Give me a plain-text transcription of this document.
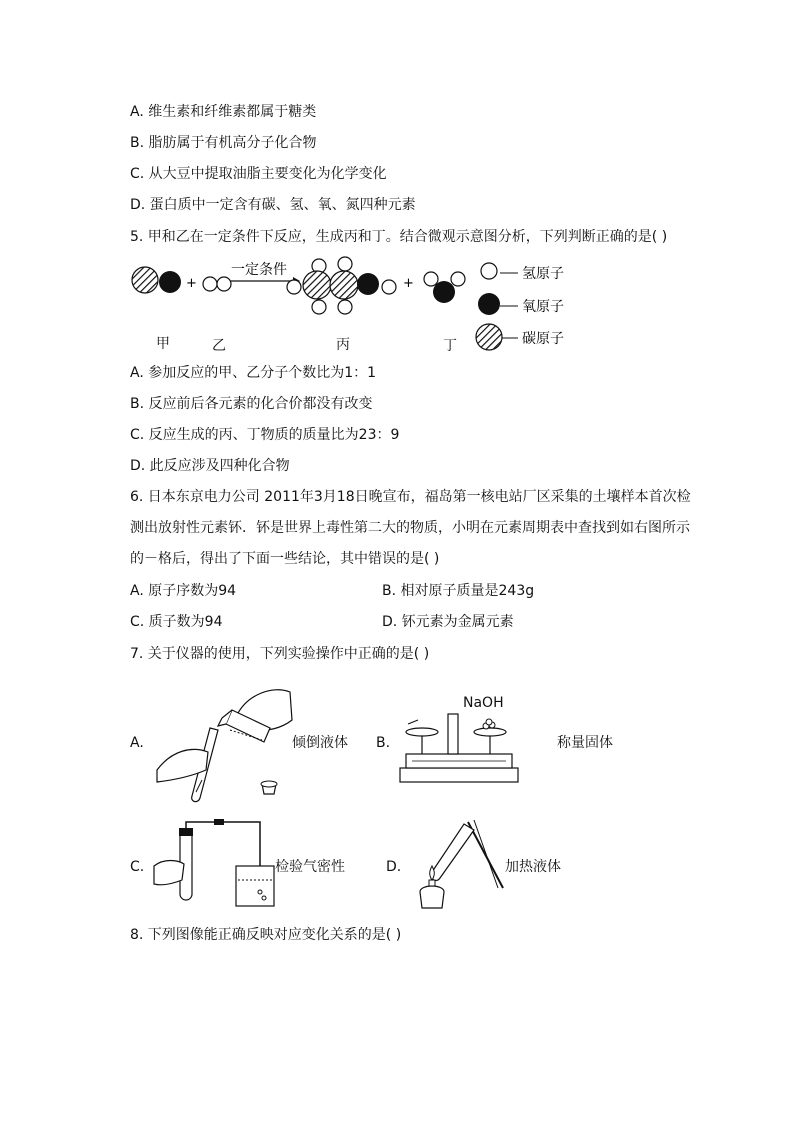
A. 维生素和纤维素都属于糖类
B. 脂肪属于有机高分子化合物
C. 从大豆中提取油脂主要变化为化学变化
D. 蛋白质中一定含有碳、氢、氧、氮四种元素
5. 甲和乙在一定条件下反应，生成丙和丁。结合微观示意图分析，下列判断正确的是( )
+
一定条件
+
氢原子
氧原子
碳原子
甲	乙	丙	丁
A. 参加反应的甲、乙分子个数比为1：1
B. 反应前后各元素的化合价都没有改变
C. 反应生成的丙、丁物质的质量比为23：9
D. 此反应涉及四种化合物
6. 日本东京电力公司 2011年3月18日晚宣布，福岛第一核电站厂区采集的土壤样本首次检
测出放射性元素钚．钚是世界上毒性第二大的物质，小明在元素周期表中查找到如右图所示
的－格后，得出了下面一些结论，其中错误的是( )
A. 原子序数为94	B. 相对原子质量是243g
C. 质子数为94	D. 钚元素为金属元素
7. 关于仪器的使用，下列实验操作中正确的是( )
A.	倾倒液体 B.
NaOH
称量固体
C.	检验气密性	D.	加热液体
8. 下列图像能正确反映对应变化关系的是( )
